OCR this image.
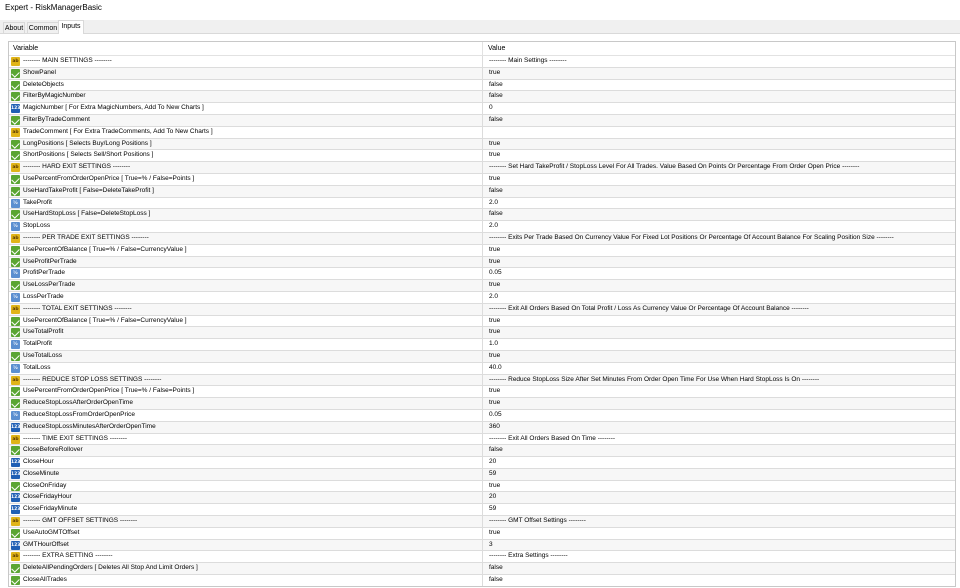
Expert - RiskManagerBasic
About Common Inputs
Variable	Value
ab -------- MAIN SETTINGS --------	-------- Main Settings --------
ShowPanel	true
DeleteObjects	false
FilterByMagicNumber	false
123 MagicNumber [ For Extra MagicNumbers, Add To New Charts ]	0
FilterByTradeComment	false
ab TradeComment [ For Extra TradeComments, Add To New Charts ]
LongPositions [ Selects Buy/Long Positions ]	true
ShortPositions [ Selects Sell/Short Positions ]	true
ab -------- HARD EXIT SETTINGS --------	-------- Set Hard TakeProfit / StopLoss Level For All Trades. Value Based On Points Or Percentage From Order Open Price --------
UsePercentFromOrderOpenPrice [ True=% / False=Points ]	true
UseHardTakeProfit [ False=DeleteTakeProfit ]	false
½ TakeProfit	2.0
UseHardStopLoss [ False=DeleteStopLoss ]	false
½ StopLoss	2.0
ab -------- PER TRADE EXIT SETTINGS --------	-------- Exits Per Trade Based On Currency Value For Fixed Lot Positions Or Percentage Of Account Balance For Scaling Position Size --------
UsePercentOfBalance [ True=% / False=CurrencyValue ]	true
UseProfitPerTrade	true
½ ProfitPerTrade	0.05
UseLossPerTrade	true
½ LossPerTrade	2.0
ab -------- TOTAL EXIT SETTINGS --------	-------- Exit All Orders Based On Total Profit / Loss As Currency Value Or Percentage Of Account Balance --------
UsePercentOfBalance [ True=% / False=CurrencyValue ]	true
UseTotalProfit	true
½ TotalProfit	1.0
UseTotalLoss	true
½ TotalLoss	40.0
ab -------- REDUCE STOP LOSS SETTINGS --------	-------- Reduce StopLoss Size After Set Minutes From Order Open Time For Use When Hard StopLoss Is On --------
UsePercentFromOrderOpenPrice [ True=% / False=Points ]	true
ReduceStopLossAfterOrderOpenTime	true
½ ReduceStopLossFromOrderOpenPrice	0.05
123 ReduceStopLossMinutesAfterOrderOpenTime	360
ab -------- TIME EXIT SETTINGS --------	-------- Exit All Orders Based On Time --------
CloseBeforeRollover	false
123 CloseHour	20
123 CloseMinute	59
CloseOnFriday	true
123 CloseFridayHour	20
123 CloseFridayMinute	59
ab -------- GMT OFFSET SETTINGS --------	-------- GMT Offset Settings --------
UseAutoGMTOffset	true
123 GMTHourOffset	3
ab -------- EXTRA SETTING --------	-------- Extra Settings --------
DeleteAllPendingOrders [ Deletes All Stop And Limit Orders ]	false
CloseAllTrades	false
